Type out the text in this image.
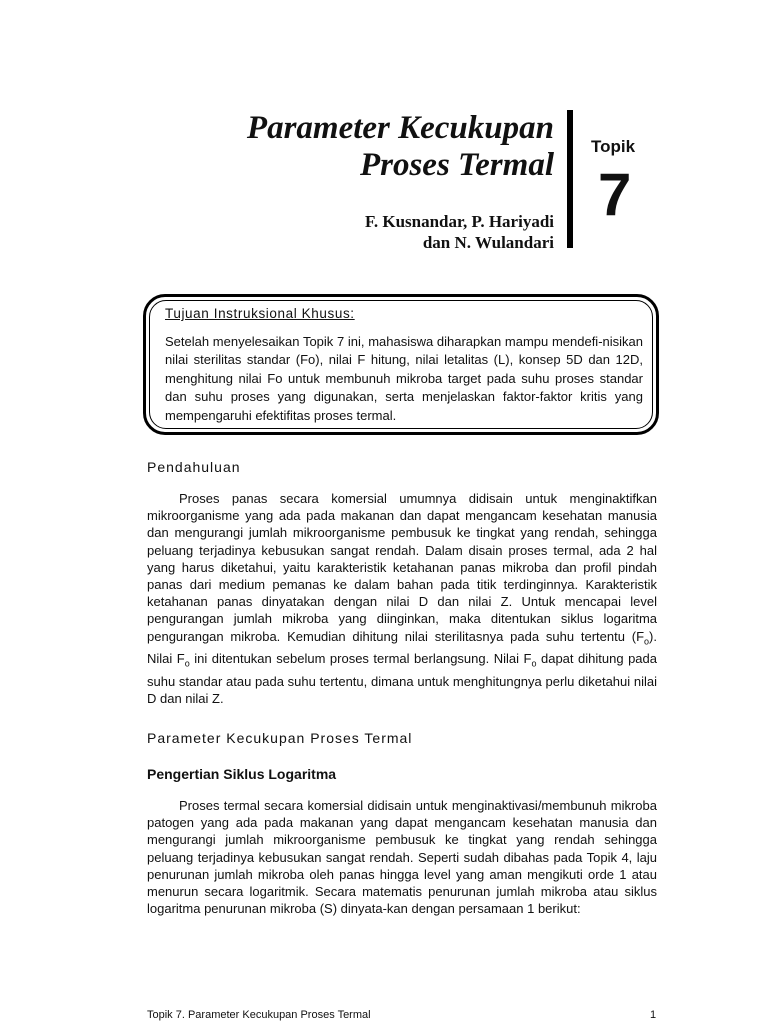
Parameter Kecukupan
Proses Termal
F. Kusnandar, P. Hariyadi
dan N. Wulandari
Topik
7
Tujuan Instruksional Khusus:
Setelah menyelesaikan Topik 7 ini, mahasiswa diharapkan mampu mendefi-nisikan nilai sterilitas standar (Fo), nilai F hitung, nilai letalitas (L), konsep 5D dan 12D, menghitung nilai Fo untuk membunuh mikroba target pada suhu proses standar dan suhu proses yang digunakan, serta menjelaskan faktor-faktor kritis yang mempengaruhi efektifitas proses termal.
Pendahuluan

Proses panas secara komersial umumnya didisain untuk menginaktifkan mikroorganisme yang ada pada makanan dan dapat mengancam kesehatan manusia dan mengurangi jumlah mikroorganisme pembusuk ke tingkat yang rendah, sehingga peluang terjadinya kebusukan sangat rendah. Dalam disain proses termal, ada 2 hal yang harus diketahui, yaitu karakteristik ketahanan panas mikroba dan profil pindah panas dari medium pemanas ke dalam bahan pada titik terdinginnya. Karakteristik ketahanan panas dinyatakan dengan nilai D dan nilai Z. Untuk mencapai level pengurangan jumlah mikroba yang diinginkan, maka ditentukan siklus logaritma pengurangan mikroba. Kemudian dihitung nilai sterilitasnya pada suhu tertentu $(F_o)$. Nilai $F_o$ ini ditentukan sebelum proses termal berlangsung. Nilai $F_o$ dapat dihitung pada suhu standar atau pada suhu tertentu, dimana untuk menghitungnya perlu diketahui nilai D dan nilai Z.

Parameter Kecukupan Proses Termal
Pengertian Siklus Logaritma

Proses termal secara komersial didisain untuk menginaktivasi/membunuh mikroba patogen yang ada pada makanan yang dapat mengancam kesehatan manusia dan mengurangi jumlah mikroorganisme pembusuk ke tingkat yang rendah sehingga peluang terjadinya kebusukan sangat rendah. Seperti sudah dibahas pada Topik 4, laju penurunan jumlah mikroba oleh panas hingga level yang aman mengikuti orde 1 atau menurun secara logaritmik. Secara matematis penurunan jumlah mikroba atau siklus logaritma penurunan mikroba (S) dinyata-kan dengan persamaan 1 berikut:

Topik 7. Parameter Kecukupan Proses Termal	1
